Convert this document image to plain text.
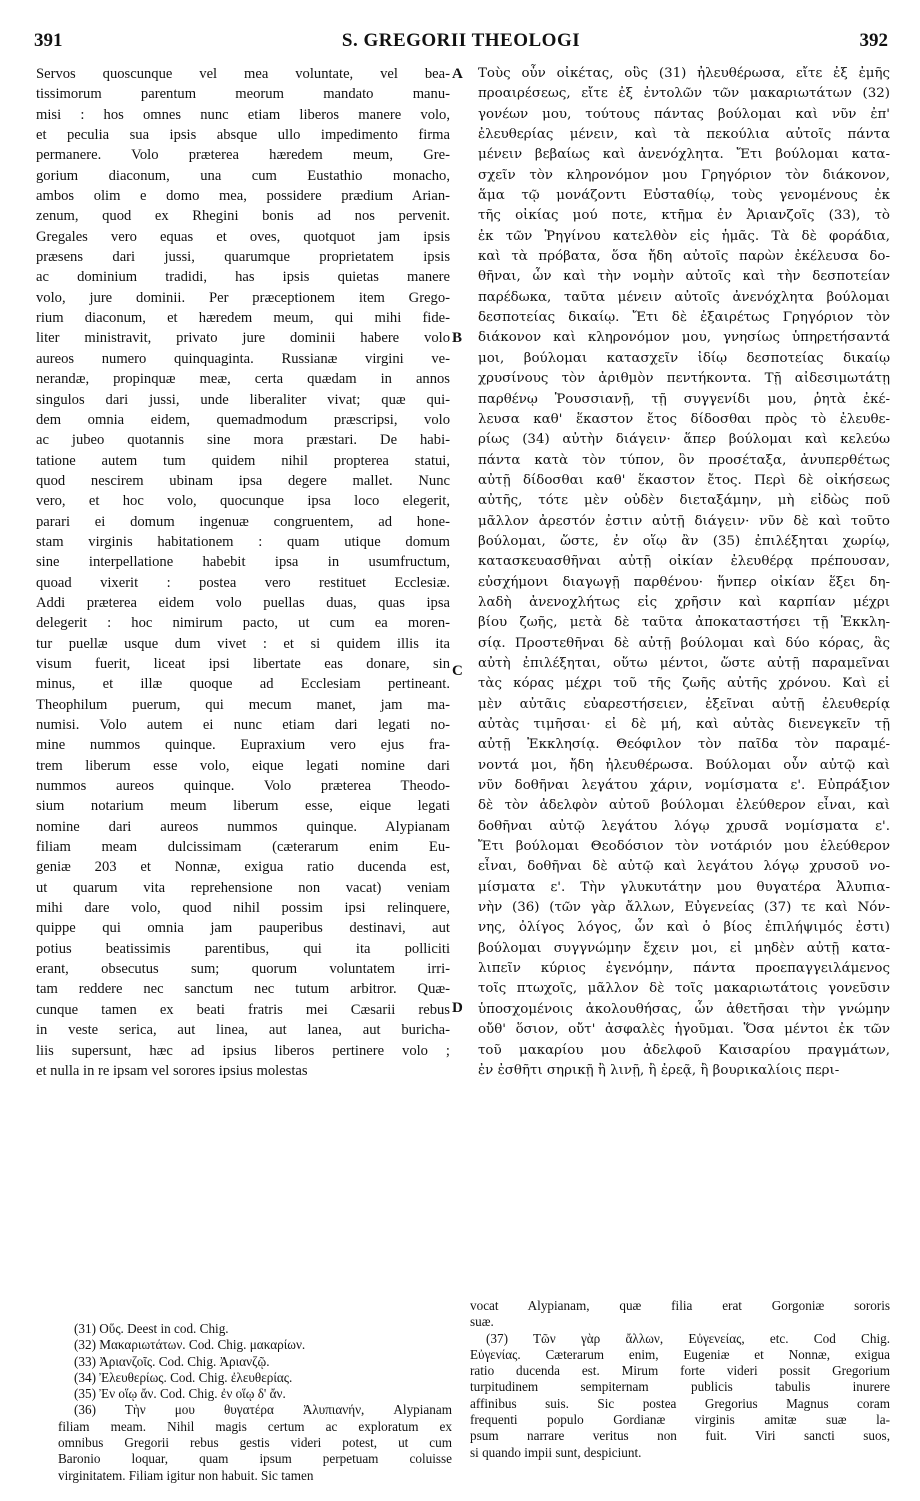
391	S. GREGORII THEOLOGI	392
Servos quoscunque vel mea voluntate, vel bea-
tissimorum parentum meorum mandato manu-
misi : hos omnes nunc etiam liberos manere volo,
et peculia sua ipsis absque ullo impedimento firma
permanere. Volo præterea hæredem meum, Gre-
gorium diaconum, una cum Eustathio monacho,
ambos olim e domo mea, possidere prædium Arian-
zenum, quod ex Rhegini bonis ad nos pervenit.
Gregales vero equas et oves, quotquot jam ipsis
præsens dari jussi, quarumque proprietatem ipsis
ac dominium tradidi, has ipsis quietas manere
volo, jure dominii. Per præceptionem item Grego-
rium diaconum, et hæredem meum, qui mihi fide-
liter ministravit, privato jure dominii habere volo
aureos numero quinquaginta. Russianæ virgini ve-
nerandæ, propinquæ meæ, certa quædam in annos
singulos dari jussi, unde liberaliter vivat; quæ qui-
dem omnia eidem, quemadmodum præscripsi, volo
ac jubeo quotannis sine mora præstari. De habi-
tatione autem tum quidem nihil propterea statui,
quod nescirem ubinam ipsa degere mallet. Nunc
vero, et hoc volo, quocunque ipsa loco elegerit,
parari ei domum ingenuæ congruentem, ad hone-
stam virginis habitationem : quam utique domum
sine interpellatione habebit ipsa in usumfructum,
quoad vixerit : postea vero restituet Ecclesiæ.
Addi præterea eidem volo puellas duas, quas ipsa
delegerit : hoc nimirum pacto, ut cum ea moren-
tur puellæ usque dum vivet : et si quidem illis ita
visum fuerit, liceat ipsi libertate eas donare, sin
minus, et illæ quoque ad Ecclesiam pertineant.
Theophilum puerum, qui mecum manet, jam ma-
numisi. Volo autem ei nunc etiam dari legati no-
mine nummos quinque. Eupraxium vero ejus fra-
trem liberum esse volo, eique legati nomine dari
nummos aureos quinque. Volo præterea Theodo-
sium notarium meum liberum esse, eique legati
nomine dari aureos nummos quinque. Alypianam
filiam meam dulcissimam (cæterarum enim Eu-
geniæ 203 et Nonnæ, exigua ratio ducenda est,
ut quarum vita reprehensione non vacat) veniam
mihi dare volo, quod nihil possim ipsi relinquere,
quippe qui omnia jam pauperibus destinavi, aut
potius beatissimis parentibus, qui ita polliciti
erant, obsecutus sum; quorum voluntatem irri-
tam reddere nec sanctum nec tutum arbitror. Quæ-
cunque tamen ex beati fratris mei Cæsarii rebus
in veste serica, aut linea, aut lanea, aut buricha-
liis supersunt, hæc ad ipsius liberos pertinere volo ;
et nulla in re ipsam vel sorores ipsius molestas
Τοὺς οὖν οἰκέτας, οὓς (31) ἠλευθέρωσα, εἴτε ἐξ ἐμῆς
προαιρέσεως, εἴτε ἐξ ἐντολῶν τῶν μακαριωτάτων (32)
γονέων μου, τούτους πάντας βούλομαι καὶ νῦν ἐπ'
ἐλευθερίας μένειν, καὶ τὰ πεκούλια αὐτοῖς πάντα
μένειν βεβαίως καὶ ἀνενόχλητα. Ἔτι βούλομαι κατα-
σχεῖν τὸν κληρονόμον μου Γρηγόριον τὸν διάκονον,
ἅμα τῷ μονάζοντι Εὐσταθίῳ, τοὺς γενομένους ἐκ
τῆς οἰκίας μού ποτε, κτῆμα ἐν Ἀριανζοῖς (33), τὸ
ἐκ τῶν Ῥηγίνου κατελθὸν εἰς ἡμᾶς. Τὰ δὲ φοράδια,
καὶ τὰ πρόβατα, ὅσα ἤδη αὐτοῖς παρὼν ἐκέλευσα δο-
θῆναι, ὧν καὶ τὴν νομὴν αὐτοῖς καὶ τὴν δεσποτείαν
παρέδωκα, ταῦτα μένειν αὐτοῖς ἀνενόχλητα βούλομαι
δεσποτείας δικαίῳ. Ἔτι δὲ ἐξαιρέτως Γρηγόριον τὸν
διάκονον καὶ κληρονόμον μου, γνησίως ὑπηρετήσαντά
μοι, βούλομαι κατασχεῖν ἰδίῳ δεσποτείας δικαίῳ
χρυσίνους τὸν ἀριθμὸν πεντήκοντα. Τῇ αἰδεσιμωτάτῃ
παρθένῳ Ῥουσσιανῇ, τῇ συγγενίδι μου, ῥητὰ ἐκέ-
λευσα καθ' ἕκαστον ἔτος δίδοσθαι πρὸς τὸ ἐλευθε-
ρίως (34) αὐτὴν διάγειν· ἅπερ βούλομαι καὶ κελεύω
πάντα κατὰ τὸν τύπον, ὃν προσέταξα, ἀνυπερθέτως
αὐτῇ δίδοσθαι καθ' ἕκαστον ἔτος. Περὶ δὲ οἰκήσεως
αὐτῆς, τότε μὲν οὐδὲν διεταξάμην, μὴ εἰδὼς ποῦ
μᾶλλον ἀρεστόν ἐστιν αὐτῇ διάγειν· νῦν δὲ καὶ τοῦτο
βούλομαι, ὥστε, ἐν οἵῳ ἂν (35) ἐπιλέξηται χωρίῳ,
κατασκευασθῆναι αὐτῇ οἰκίαν ἐλευθέρᾳ πρέπουσαν,
εὐσχήμονι διαγωγῇ παρθένου· ἥνπερ οἰκίαν ἕξει δη-
λαδὴ ἀνενοχλήτως εἰς χρῆσιν καὶ καρπίαν μέχρι
βίου ζωῆς, μετὰ δὲ ταῦτα ἀποκαταστήσει τῇ Ἐκκλη-
σίᾳ. Προστεθῆναι δὲ αὐτῇ βούλομαι καὶ δύο κόρας, ἃς
αὐτὴ ἐπιλέξηται, οὕτω μέντοι, ὥστε αὐτῇ παραμεῖναι
τὰς κόρας μέχρι τοῦ τῆς ζωῆς αὐτῆς χρόνου. Καὶ εἰ
μὲν αὐτᾶις εὐαρεστήσειεν, ἐξεῖναι αὐτῇ ἐλευθερίᾳ
αὐτὰς τιμῆσαι· εἰ δὲ μή, καὶ αὐτὰς διενεγκεῖν τῇ
αὐτῇ Ἐκκλησίᾳ. Θεόφιλον τὸν παῖδα τὸν παραμέ-
νοντά μοι, ἤδη ἠλευθέρωσα. Βούλομαι οὖν αὐτῷ καὶ
νῦν δοθῆναι λεγάτου χάριν, νομίσματα ε'. Εὐπράξιον
δὲ τὸν ἀδελφὸν αὐτοῦ βούλομαι ἐλεύθερον εἶναι, καὶ
δοθῆναι αὐτῷ λεγάτου λόγῳ χρυσᾶ νομίσματα ε'.
Ἔτι βούλομαι Θεοδόσιον τὸν νοτάριόν μου ἐλεύθερον
εἶναι, δοθῆναι δὲ αὐτῷ καὶ λεγάτου λόγῳ χρυσοῦ νο-
μίσματα ε'. Τὴν γλυκυτάτην μου θυγατέρα Ἀλυπια-
νὴν (36) (τῶν γὰρ ἄλλων, Εὐγενείας (37) τε καὶ Νόν-
νης, ὀλίγος λόγος, ὧν καὶ ὁ βίος ἐπιλήψιμός ἐστι)
βούλομαι συγγνώμην ἔχειν μοι, εἰ μηδὲν αὐτῇ κατα-
λιπεῖν κύριος ἐγενόμην, πάντα προεπαγγειλάμενος
τοῖς πτωχοῖς, μᾶλλον δὲ τοῖς μακαριωτάτοις γονεῦσιν
ὑποσχομένοις ἀκολουθήσας, ὧν ἀθετῆσαι τὴν γνώμην
οὔθ' ὅσιον, οὔτ' ἀσφαλὲς ἡγοῦμαι. Ὅσα μέντοι ἐκ τῶν
τοῦ μακαρίου μου ἀδελφοῦ Καισαρίου πραγμάτων,
ἐν ἐσθῆτι σηρικῇ ἢ λινῇ, ἢ ἐρεᾷ, ἢ βουρικαλίοις περι-
A
B
C
D
(31) Οὕς. Deest in cod. Chig.
(32) Μακαριωτάτων. Cod. Chig. μακαρίων.
(33) Ἀριανζοῖς. Cod. Chig. Ἀριανζῷ.
(34) Ἐλευθερίως. Cod. Chig. ἐλευθερίας.
(35) Ἐν οἵῳ ἄν. Cod. Chig. ἐν οἵῳ δ' ἄν.
(36) Τὴν μου θυγατέρα Ἀλυπιανήν, Alypianam
filiam meam. Nihil magis certum ac exploratum ex
omnibus Gregorii rebus gestis videri potest, ut cum
Baronio loquar, quam ipsum perpetuam coluisse
virginitatem. Filiam igitur non habuit. Sic tamen
vocat Alypianam, quæ filia erat Gorgoniæ sororis
suæ.
(37) Τῶν γὰρ ἄλλων, Εὐγενείας, etc. Cod Chig.
Εὐγενίας. Cæterarum enim, Eugeniæ et Nonnæ, exigua
ratio ducenda est. Mirum forte videri possit Gregorium
turpitudinem sempiternam publicis tabulis inurere
affinibus suis. Sic postea Gregorius Magnus coram
frequenti populo Gordianæ virginis amitæ suæ la-
psum narrare veritus non fuit. Viri sancti suos,
si quando impii sunt, despiciunt.
